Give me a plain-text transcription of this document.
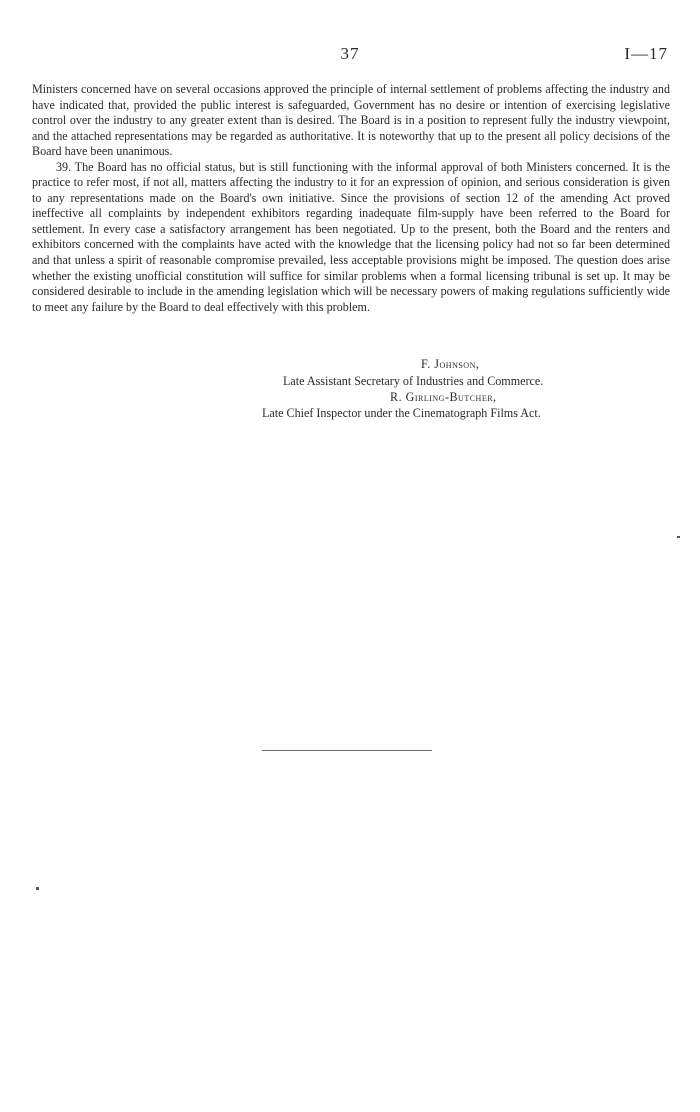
37	I—17

Ministers concerned have on several occasions approved the principle of internal settlement of problems affecting the industry and have indicated that, provided the public interest is safeguarded, Government has no desire or intention of exercising legislative control over the industry to any greater extent than is desired. The Board is in a position to represent fully the industry viewpoint, and the attached representations may be regarded as authoritative. It is noteworthy that up to the present all policy decisions of the Board have been unanimous.

39. The Board has no official status, but is still functioning with the informal approval of both Ministers concerned. It is the practice to refer most, if not all, matters affecting the industry to it for an expression of opinion, and serious consideration is given to any representations made on the Board's own initiative. Since the provisions of section 12 of the amending Act proved ineffective all complaints by independent exhibitors regarding inadequate film-supply have been referred to the Board for settlement. In every case a satisfactory arrangement has been negotiated. Up to the present, both the Board and the renters and exhibitors concerned with the complaints have acted with the knowledge that the licensing policy had not so far been determined and that unless a spirit of reasonable compromise prevailed, less acceptable provisions might be imposed. The question does arise whether the existing unofficial constitution will suffice for similar problems when a formal licensing tribunal is set up. It may be considered desirable to include in the amending legislation which will be necessary powers of making regulations sufficiently wide to meet any failure by the Board to deal effectively with this problem.

F. Johnson,
Late Assistant Secretary of Industries and Commerce.
R. Girling-Butcher,
Late Chief Inspector under the Cinematograph Films Act.
